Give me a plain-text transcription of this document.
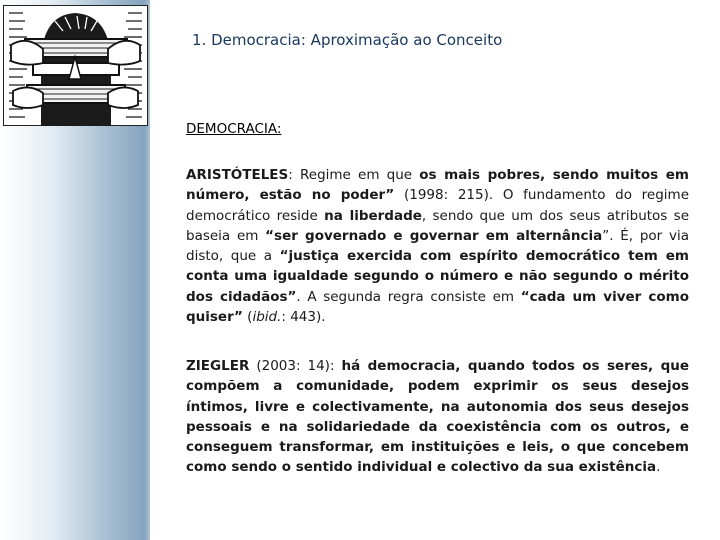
1. Democracia: Aproximação ao Conceito
DEMOCRACIA:

ARISTÓTELES: Regime em que os mais pobres, sendo muitos em número, estão no poder” (1998: 215). O fundamento do regime democrático reside na liberdade, sendo que um dos seus atributos se baseia em “ser governado e governar em alternância”. É, por via disto, que a “justiça exercida com espírito democrático tem em conta uma igualdade segundo o número e não segundo o mérito dos cidadãos”. A segunda regra consiste em “cada um viver como quiser” (ibid.: 443).

ZIEGLER (2003: 14): há democracia, quando todos os seres, que compõem a comunidade, podem exprimir os seus desejos íntimos, livre e colectivamente, na autonomia dos seus desejos pessoais e na solidariedade da coexistência com os outros, e conseguem transformar, em instituições e leis, o que concebem como sendo o sentido individual e colectivo da sua existência.
